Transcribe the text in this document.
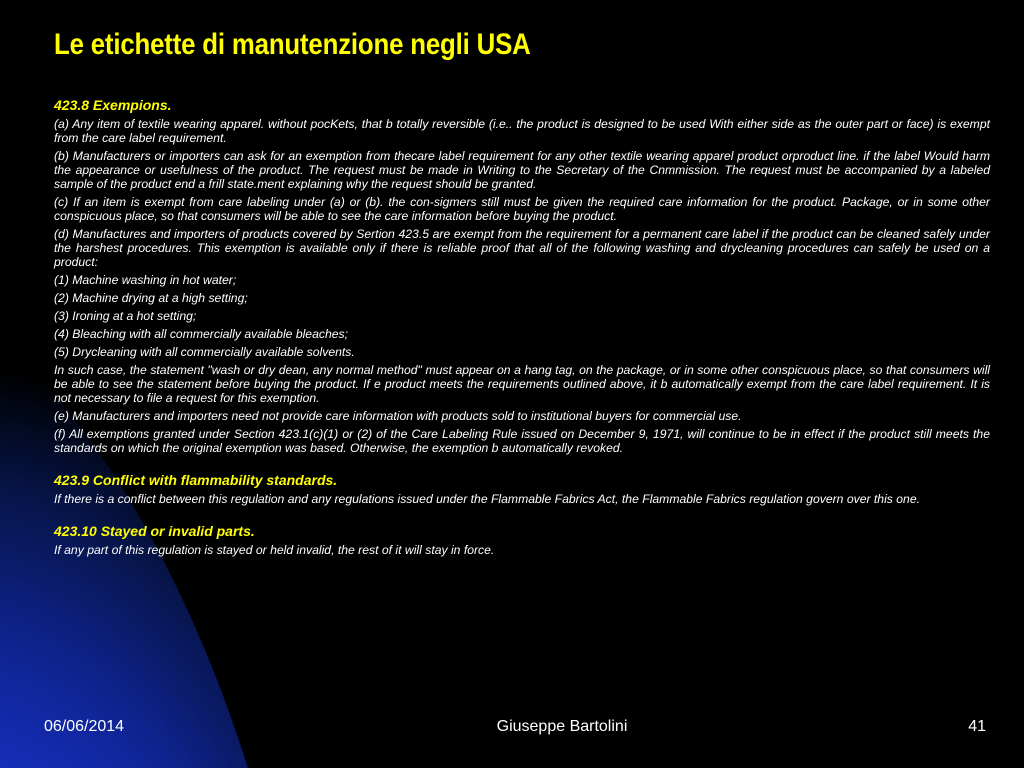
Le etichette di manutenzione negli USA

423.8 Exempions.

(a) Any item of textile wearing apparel. without pocKets, that b totally reversible (i.e.. the product is designed to be used With either side as the outer part or face) is exempt from the care label requirement.

(b) Manufacturers or importers can ask for an exemption from thecare label requirement for any other textile wearing apparel product orproduct line. if the label Would harm the appearance or usefulness of the product. The request must be made in Writing to the Secretary of the Cnmmission. The request must be accompanied by a labeled sample of the product end a frill state.ment explaining why the request should be granted.

(c) If an item is exempt from care labeling under (a) or (b). the con-sigmers still must be given the required care information for the product. Package, or in some other conspicuous place, so that consumers will be able to see the care information before buying the product.

(d) Manufactures and importers of products covered by Sertion 423.5 are exempt from the requirement for a permanent care label if the product can be cleaned safely under the harshest procedures. This exemption is available only if there is reliable proof that all of the following washing and drycleaning procedures can safely be used on a product:

(1) Machine washing in hot water;

(2) Machine drying at a high setting;

(3) Ironing at a hot setting;

(4) Bleaching with all commercially available bleaches;

(5) Drycleaning with all commercially available solvents.

In such case, the statement "wash or dry dean, any normal method" must appear on a hang tag, on the package, or in some other conspicuous place, so that consumers will be able to see the statement before buying the product. If e product meets the requirements outlined above, it b automatically exempt from the care label requirement. It is not necessary to file a request for this exemption.

(e) Manufacturers and importers need not provide care information with products sold to institutional buyers for commercial use.

(f) All exemptions granted under Section 423.1(c)(1) or (2) of the Care Labeling Rule issued on December 9, 1971, will continue to be in effect if the product still meets the standards on which the original exemption was based. Otherwise, the exemption b automatically revoked.

423.9 Conflict with flammability standards.

If there is a conflict between this regulation and any regulations issued under the Flammable Fabrics Act, the Flammable Fabrics regulation govern over this one.

423.10 Stayed or invalid parts.

If any part of this regulation is stayed or held invalid, the rest of it will stay in force.

06/06/2014	Giuseppe Bartolini	41
